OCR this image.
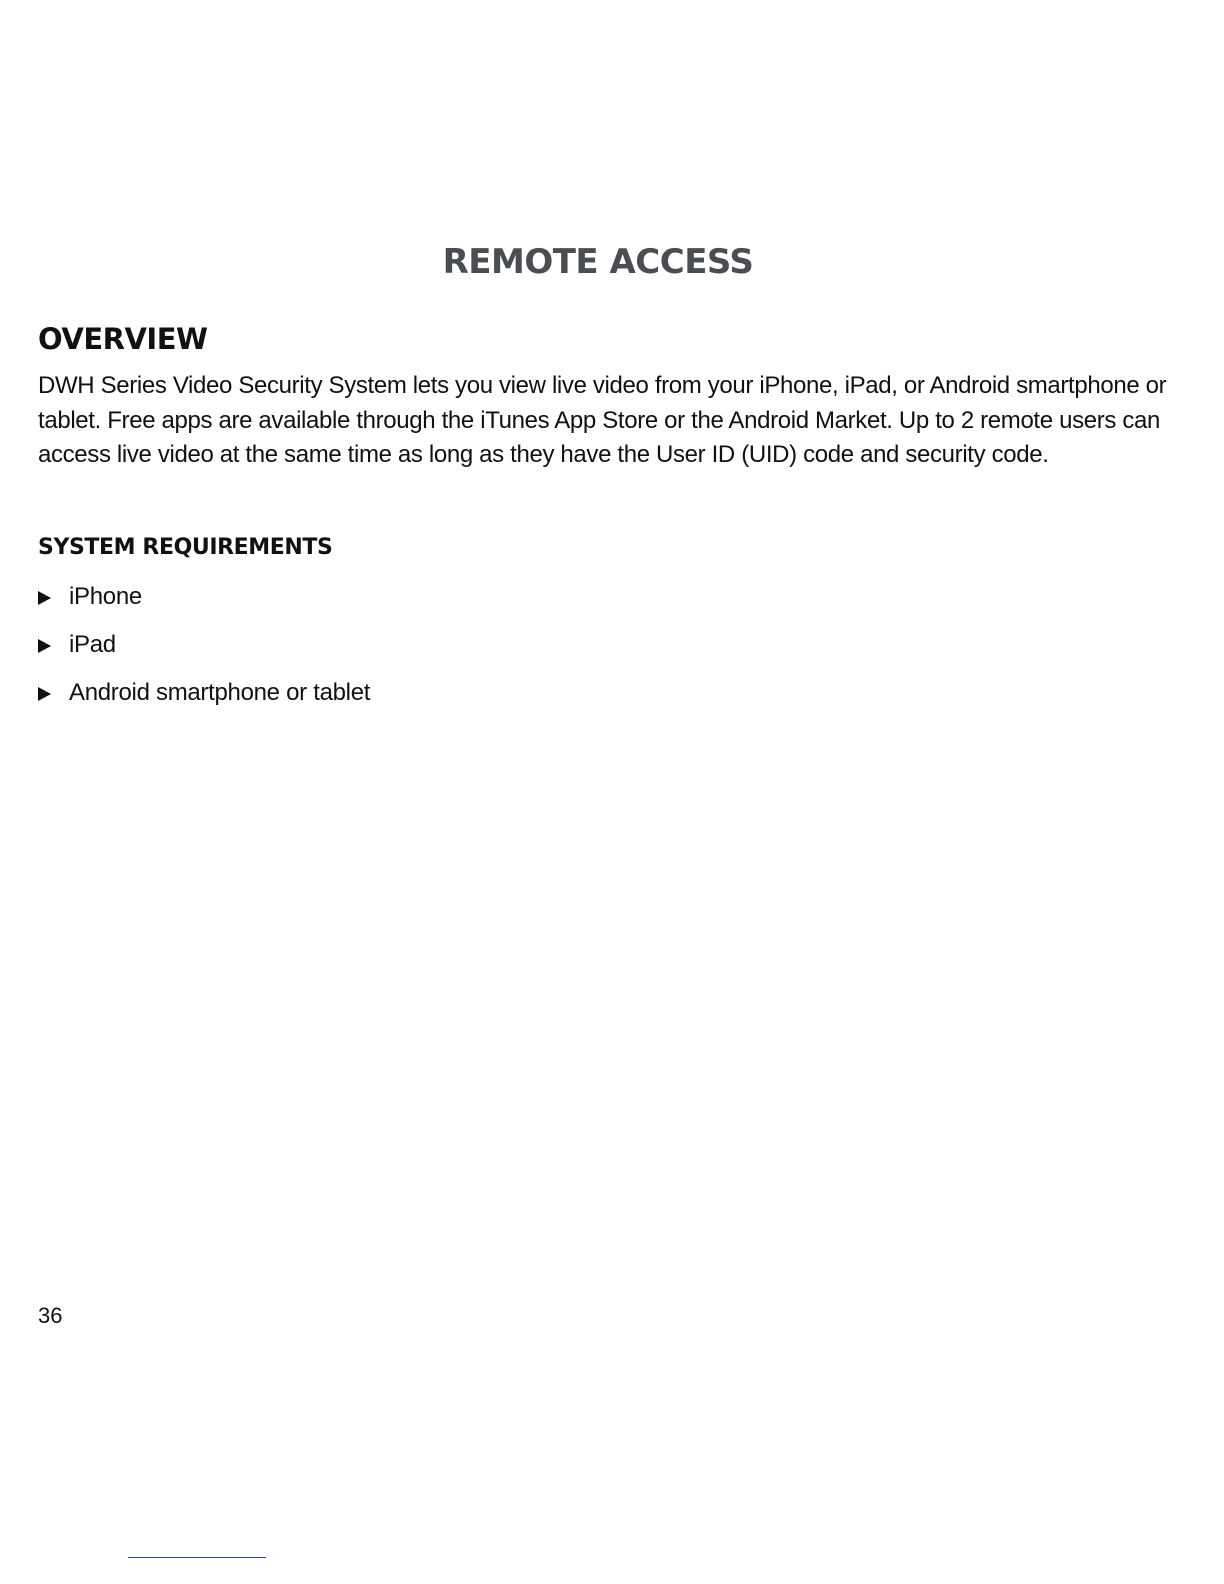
REMOTE ACCESS
OVERVIEW

DWH Series Video Security System lets you view live video from your iPhone, iPad, or Android smartphone or tablet. Free apps are available through the iTunes App Store or the Android Market. Up to 2 remote users can access live video at the same time as long as they have the User ID (UID) code and security code.

SYSTEM REQUIREMENTS
iPhone
iPad
Android smartphone or tablet

36
